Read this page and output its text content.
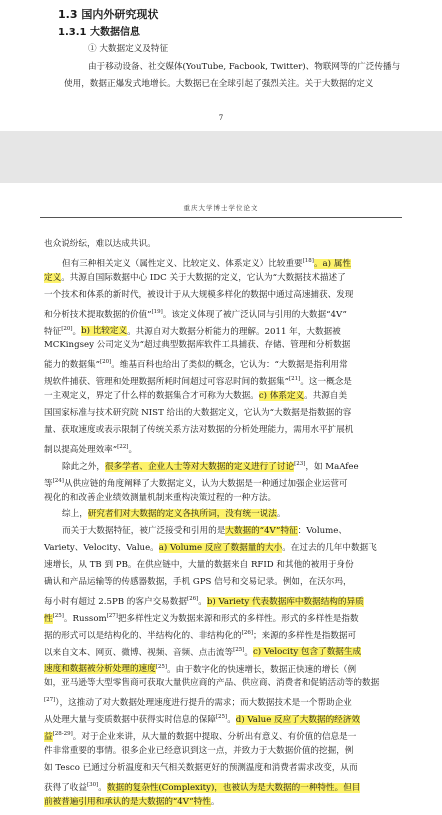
1.3 国内外研究现状
1.3.1 大数据信息
① 大数据定义及特征
由于移动设备、社交媒体(YouTube, Facbook, Twitter)、物联网等的广泛传播与
使用，数据正爆发式地增长。大数据已在全球引起了强烈关注。关于大数据的定义
7
重庆大学博士学位论文
也众说纷纭，难以达成共识。
但有三种相关定义（属性定义、比较定义、体系定义）比较重要[18]。a) 属性
定义。共源自国际数据中心 IDC 关于大数据的定义，它认为“大数据技术描述了
一个技术和体系的新时代，被设计于从大规模多样化的数据中通过高速捕获、发现
和分析技术提取数据的价值”[19]。该定义体现了被广泛认同与引用的大数据“4V”
特征[20]。b) 比较定义。共源自对大数据分析能力的理解。2011 年，大数据被
MCKingsey 公司定义为“超过典型数据库软件工具捕获、存储、管理和分析数据
能力的数据集”[20]。维基百科也给出了类似的概念，它认为：“大数据是指利用常
规软件捕获、管理和处理数据所耗时间超过可容忍时间的数据集”[21]。这一概念是
一主观定义，界定了什么样的数据集合才可称为大数据。c) 体系定义。共源自美
国国家标准与技术研究院 NIST 给出的大数据定义，它认为“大数据是指数据的容
量、获取速度或表示限制了传统关系方法对数据的分析处理能力，需用水平扩展机
制以提高处理效率”[22]。
除此之外，很多学者、企业人士等对大数据的定义进行了讨论[23]，如 MaAfee
等[24]从供应链的角度阐释了大数据定义，认为大数据是一种通过加强企业运营可
视化的和改善企业绩效测量机制来重构决策过程的一种方法。
综上，研究者们对大数据的定义各执所词，没有统一说法。
而关于大数据特征，被广泛接受和引用的是大数据的“4V”特征：Volume、
Variety、Velocity、Value。a) Volume 反应了数据量的大小。在过去的几年中数据飞
速增长，从 TB 到 PB。在供应链中，大量的数据来自 RFID 和其他的被用于身份
确认和产品运输等的传感器数据，手机 GPS 信号和交易记录。例如，在沃尔玛，
每小时有超过 2.5PB 的客户交易数据[26]。b) Variety 代表数据库中数据结构的异质
性[25]。Russom[27]把多样性定义为数据来源和形式的多样性。形式的多样性是指数
据的形式可以是结构化的、半结构化的、非结构化的[26]；来源的多样性是指数据可
以来自文本、网页、微博、视频、音频、点击流等[25]。c) Velocity 包含了数据生成
速度和数据被分析处理的速度[25]。由于数字化的快速增长，数据正快速的增长（例
如，亚马逊等大型零售商可获取大量供应商的产品、供应商、消费者和促销活动等的数据
[27]），这推动了对大数据处理速度进行提升的需求；而大数据技术是一个帮助企业
从处理大量与变质数据中获得实时信息的保障[25]。d) Value 反应了大数据的经济效
益[28-29]。对于企业来讲，从大量的数据中提取、分析出有意义、有价值的信息是一
件非常重要的事情。很多企业已经意识到这一点，并致力于大数据价值的挖掘，例
如 Tesco 已通过分析温度和天气相关数据更好的预测温度和消费者需求改变，从而
获得了收益[30]。数据的复杂性(Complexity)，也被认为是大数据的一种特性。但目
前被普遍引用和承认的是大数据的“4V”特性。
